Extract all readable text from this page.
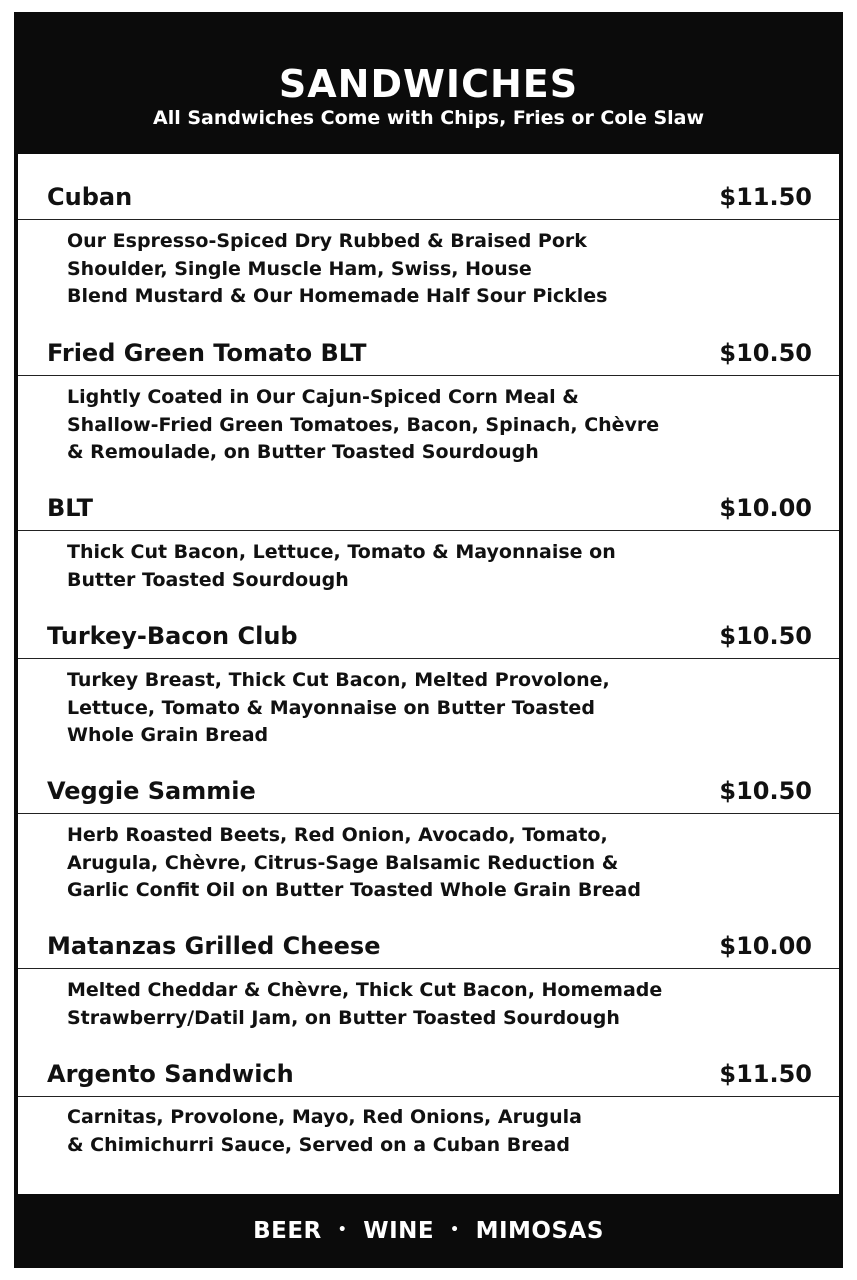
SANDWICHES
All Sandwiches Come with Chips, Fries or Cole Slaw
Cuban	$11.50
Our Espresso-Spiced Dry Rubbed & Braised Pork
Shoulder, Single Muscle Ham, Swiss, House
Blend Mustard & Our Homemade Half Sour Pickles
Fried Green Tomato BLT	$10.50
Lightly Coated in Our Cajun-Spiced Corn Meal &
Shallow-Fried Green Tomatoes, Bacon, Spinach, Chèvre
& Remoulade, on Butter Toasted Sourdough
BLT	$10.00
Thick Cut Bacon, Lettuce, Tomato & Mayonnaise on
Butter Toasted Sourdough
Turkey-Bacon Club	$10.50
Turkey Breast, Thick Cut Bacon, Melted Provolone,
Lettuce, Tomato & Mayonnaise on Butter Toasted
Whole Grain Bread
Veggie Sammie	$10.50
Herb Roasted Beets, Red Onion, Avocado, Tomato,
Arugula, Chèvre, Citrus-Sage Balsamic Reduction &
Garlic Confit Oil on Butter Toasted Whole Grain Bread
Matanzas Grilled Cheese	$10.00
Melted Cheddar & Chèvre, Thick Cut Bacon, Homemade
Strawberry/Datil Jam, on Butter Toasted Sourdough
Argento Sandwich	$11.50
Carnitas, Provolone, Mayo, Red Onions, Arugula
& Chimichurri Sauce, Served on a Cuban Bread
BEER • WINE • MIMOSAS
